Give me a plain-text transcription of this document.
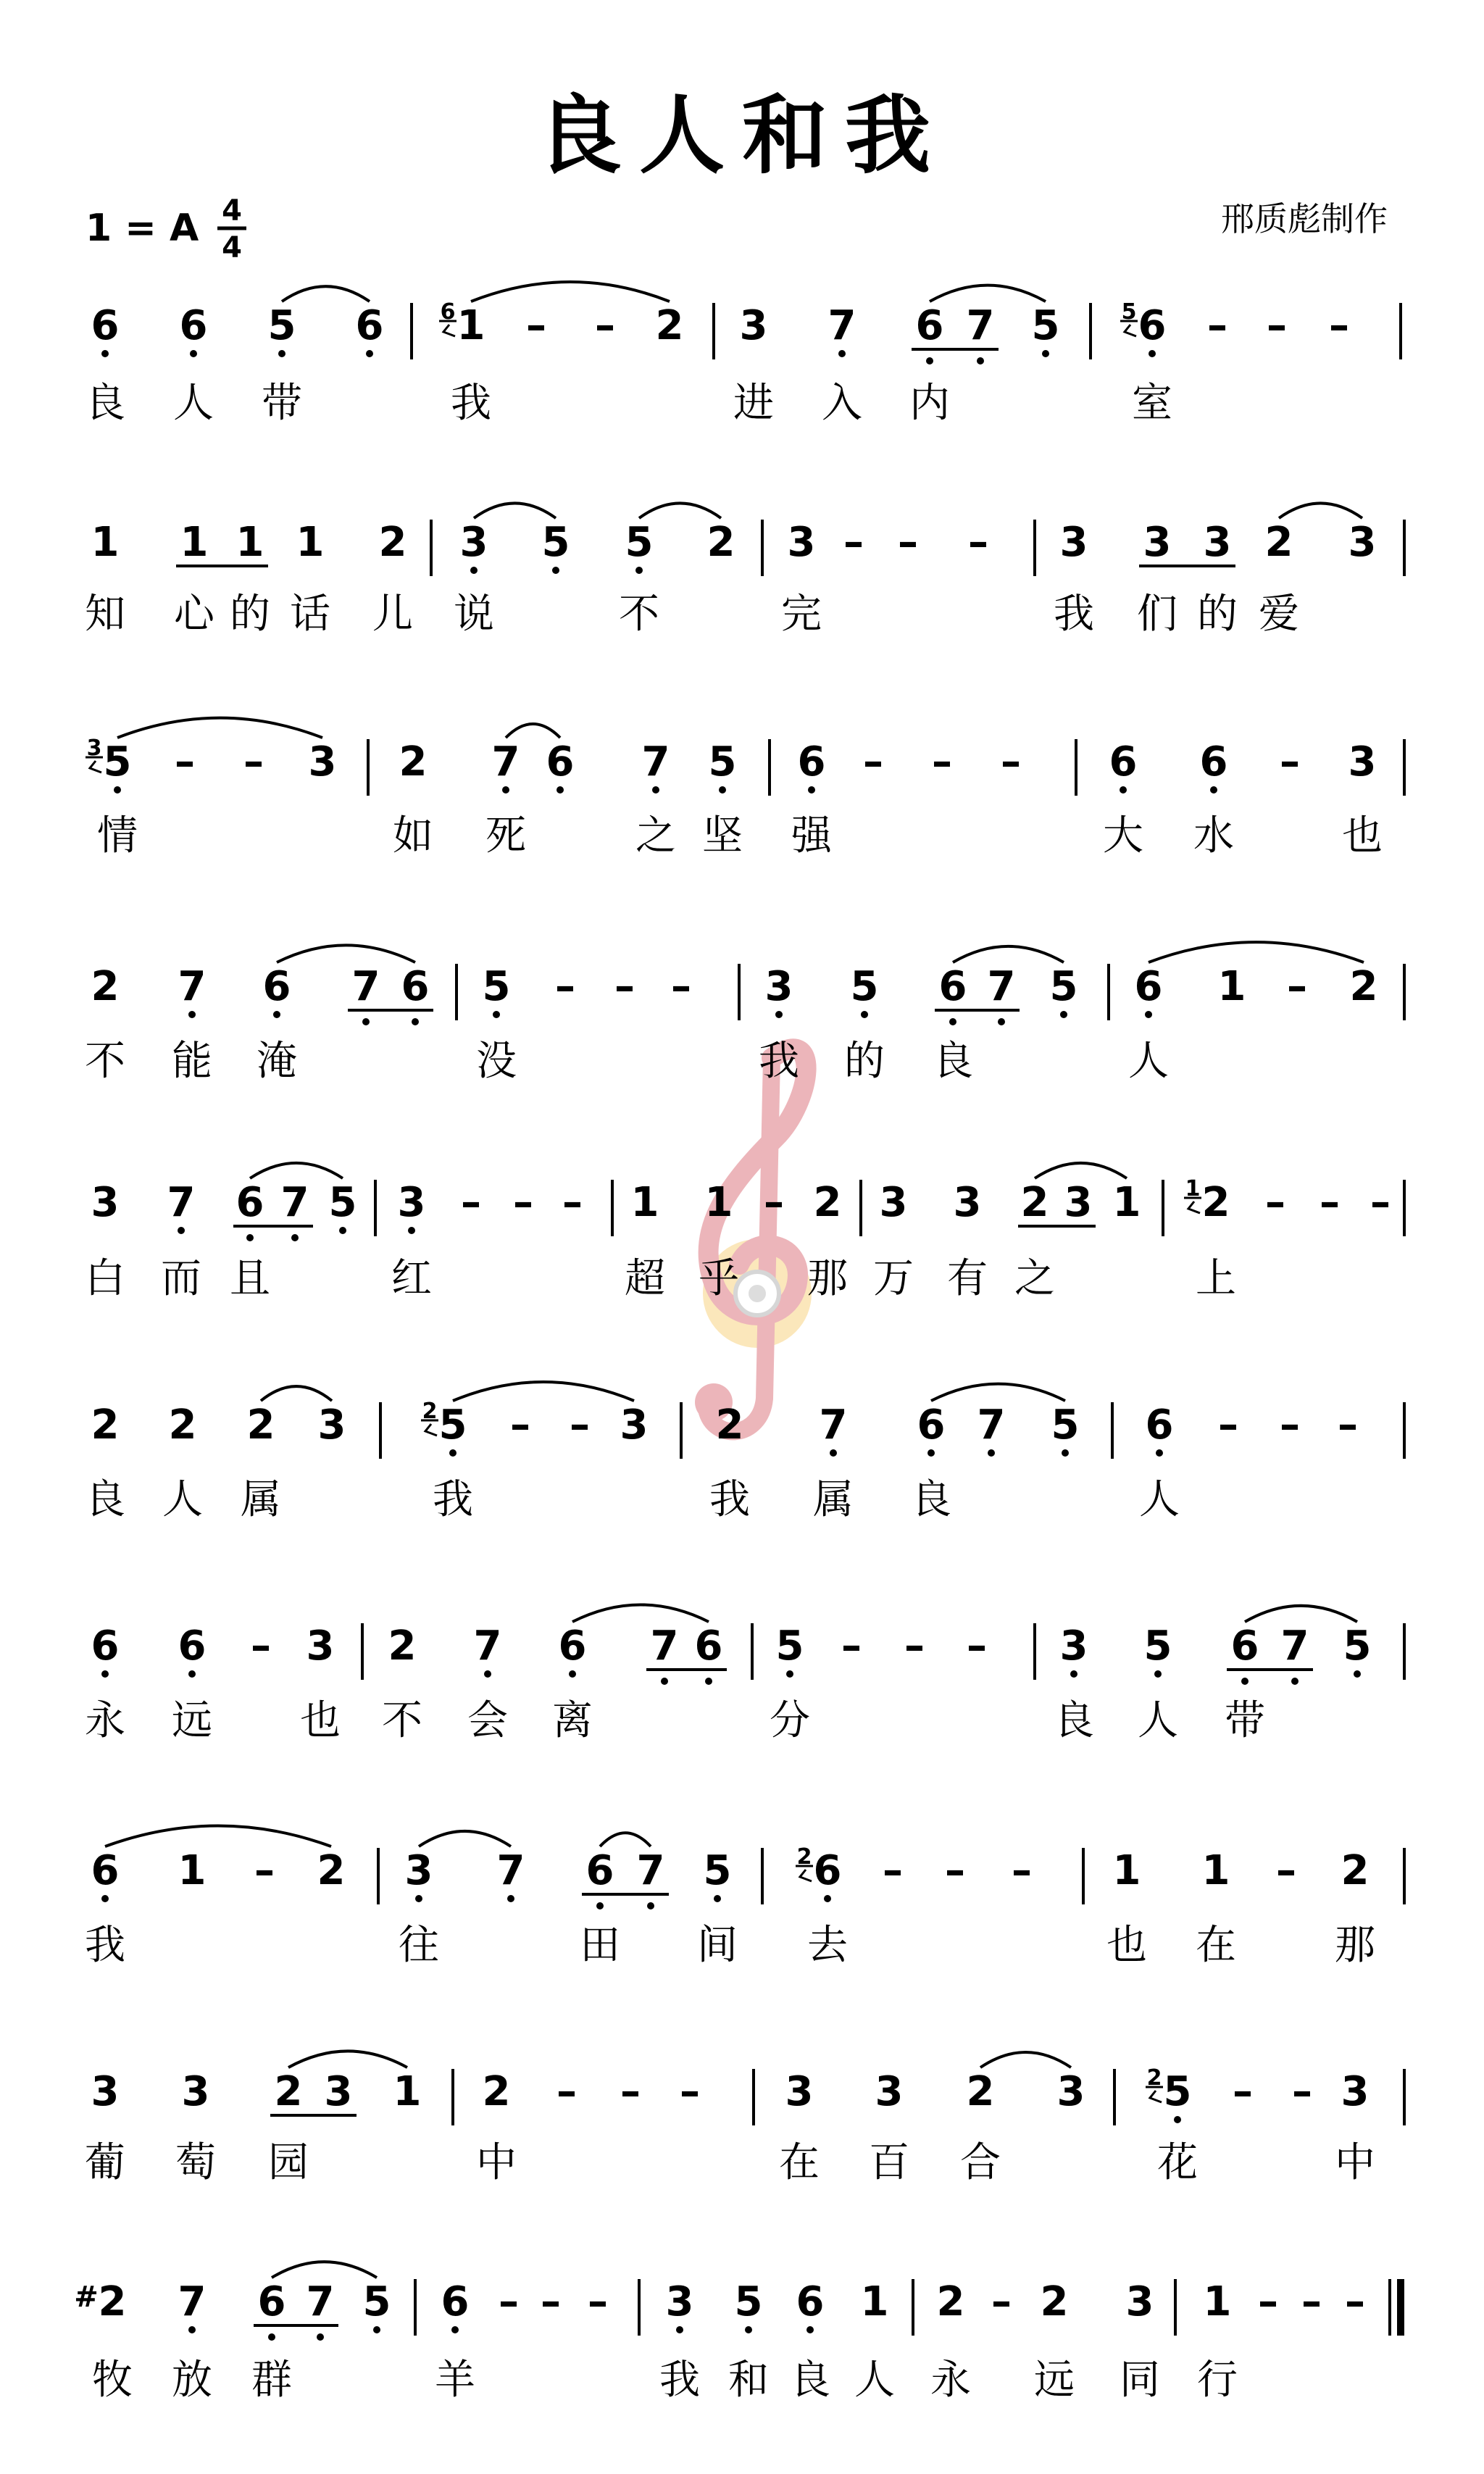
良人和我
1 = A 4
4
邢质彪制作
6 6 5 6 1
6 – – 2 3 7 6 7 5 6
5 – – –
1 1 1 1 2 3 5 5 2 3 – – – 3 3 3 2 3
5
3 – – 3 2 7 6 7 5 6 – – – 6 6 – 3
2 7 6 7 6 5 – – – 3 5 6 7 5 6 1 – 2
3 7 6 7 5 3 – – – 1 1 – 2 3 3 2 3 1 2
1 – – –
2 2 2 3 5
2 – – 3 2 7 6 7 5 6 – – –
6 6 – 3 2 7 6 7 6 5 – – – 3 5 6 7 5
6 1 – 2 3 7 6 7 5 6
2 – – – 1 1 – 2
3 3 2 3 1 2 – – – 3 3 2 3 5
2 – – 3
2
# 7 6 7 5 6 – – – 3 5 6 1 2 – 2 3 1 – – –
良 人 带	我	进 入 内	室
知 心 的 话 儿 说	不	完	我 们 的 爱
情	如 死	之 坚 强	大 水	也
不 能 淹	没	我 的 良	人
白 而 且	红	超 乎 那 万 有 之	上
良 人 属	我	我 属 良	人
永 远 也 不 会 离	分	良 人 带
我	往	田 间 去	也 在 那
葡 萄 园	中	在 百 合	花	中
牧 放 群	羊	我 和 良 人 永 远 同 行
